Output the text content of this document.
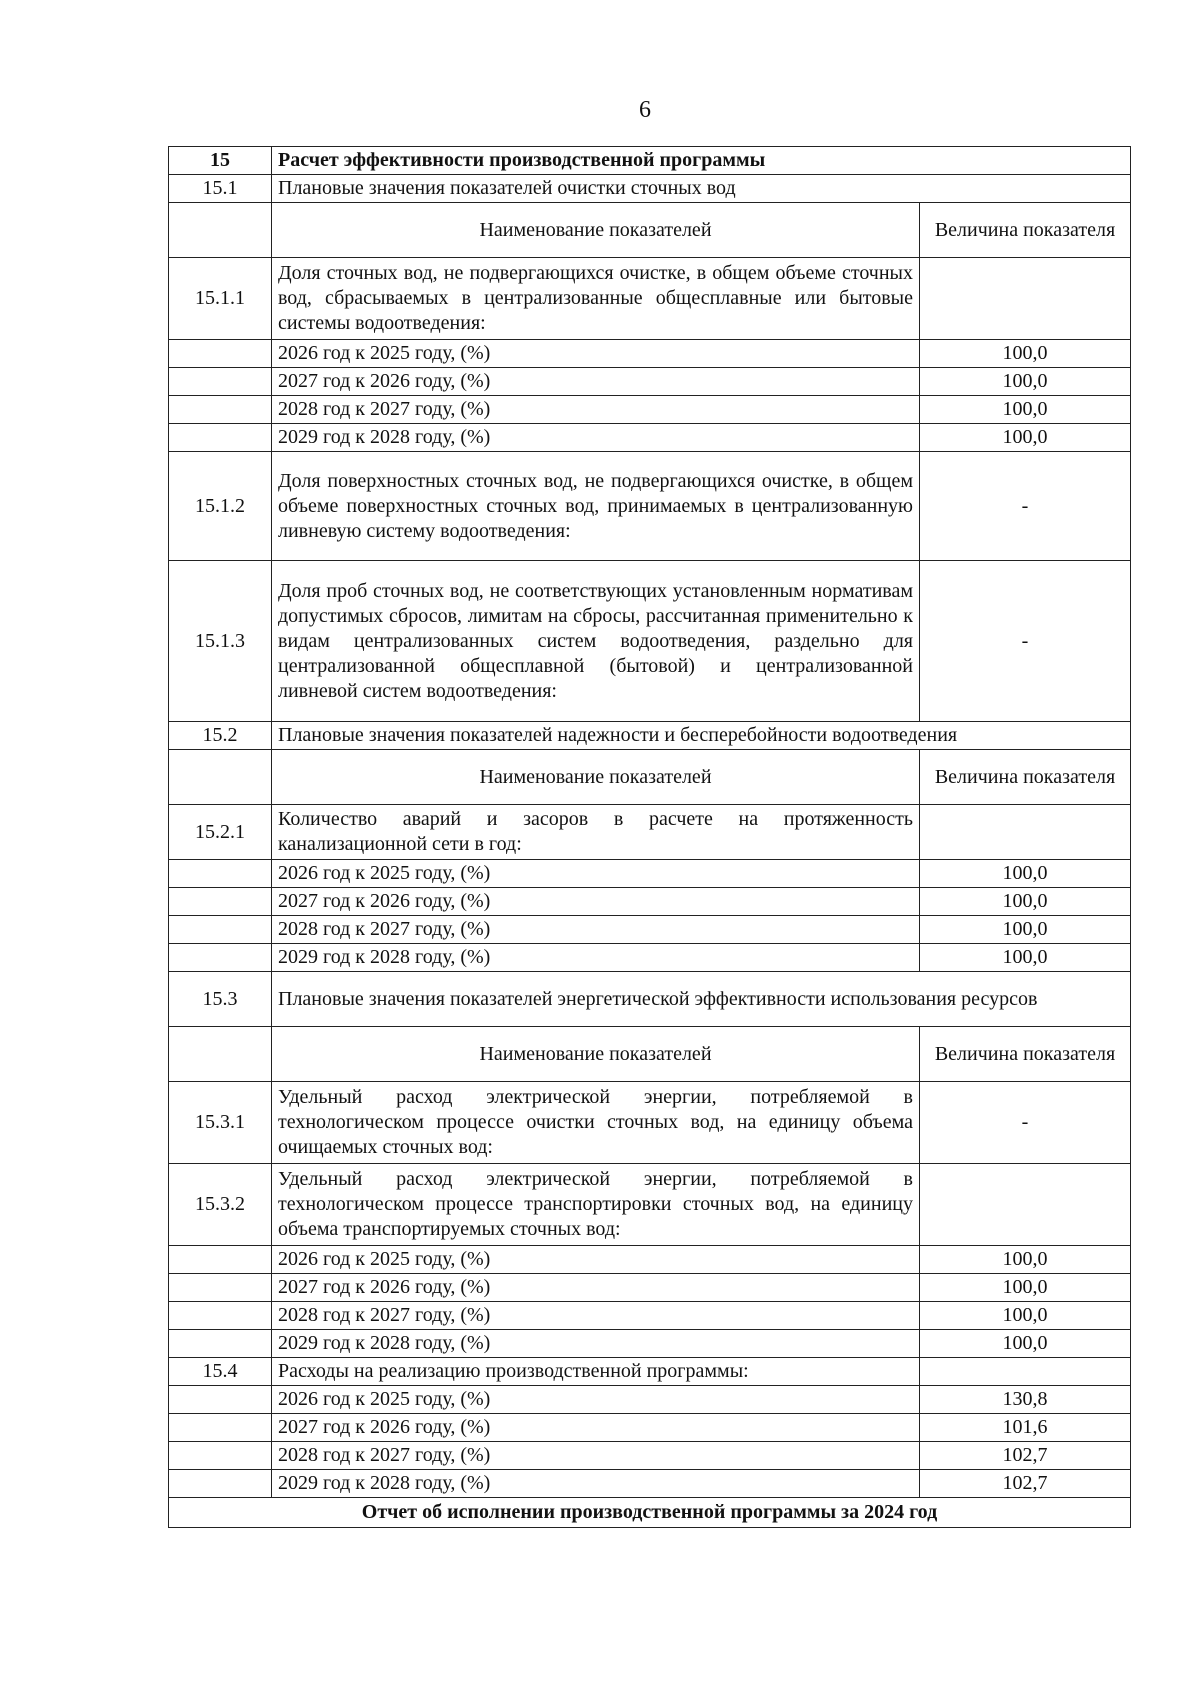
6
15	Расчет эффективности производственной программы	
15.1	Плановые значения показателей очистки сточных вод	
	Наименование показателей	Величина показателя
15.1.1	Доля сточных вод, не подвергающихся очистке, в общем объеме сточных вод, сбрасываемых в централизованные общесплавные или бытовые системы водоотведения:	
	2026 год к 2025 году, (%)	100,0
	2027 год к 2026 году, (%)	100,0
	2028 год к 2027 году, (%)	100,0
	2029 год к 2028 году, (%)	100,0
15.1.2	Доля поверхностных сточных вод, не подвергающихся очистке, в общем объеме поверхностных сточных вод, принимаемых в централизованную ливневую систему водоотведения:	-
15.1.3	Доля проб сточных вод, не соответствующих установленным нормативам допустимых сбросов, лимитам на сбросы, рассчитанная применительно к видам централизованных систем водоотведения, раздельно для централизованной общесплавной (бытовой) и централизованной ливневой систем водоотведения:	-
15.2	Плановые значения показателей надежности и бесперебойности водоотведения	
	Наименование показателей	Величина показателя
15.2.1	Количество аварий и засоров в расчете на протяженность канализационной сети в год:	
	2026 год к 2025 году, (%)	100,0
	2027 год к 2026 году, (%)	100,0
	2028 год к 2027 году, (%)	100,0
	2029 год к 2028 году, (%)	100,0
15.3	Плановые значения показателей энергетической эффективности использования ресурсов	
	Наименование показателей	Величина показателя
15.3.1	Удельный расход электрической энергии, потребляемой в технологическом процессе очистки сточных вод, на единицу объема очищаемых сточных вод:	-
15.3.2	Удельный расход электрической энергии, потребляемой в технологическом процессе транспортировки сточных вод, на единицу объема транспортируемых сточных вод:	
	2026 год к 2025 году, (%)	100,0
	2027 год к 2026 году, (%)	100,0
	2028 год к 2027 году, (%)	100,0
	2029 год к 2028 году, (%)	100,0
15.4	Расходы на реализацию производственной программы:	
	2026 год к 2025 году, (%)	130,8
	2027 год к 2026 году, (%)	101,6
	2028 год к 2027 году, (%)	102,7
	2029 год к 2028 году, (%)	102,7
Отчет об исполнении производственной программы за 2024 год		
